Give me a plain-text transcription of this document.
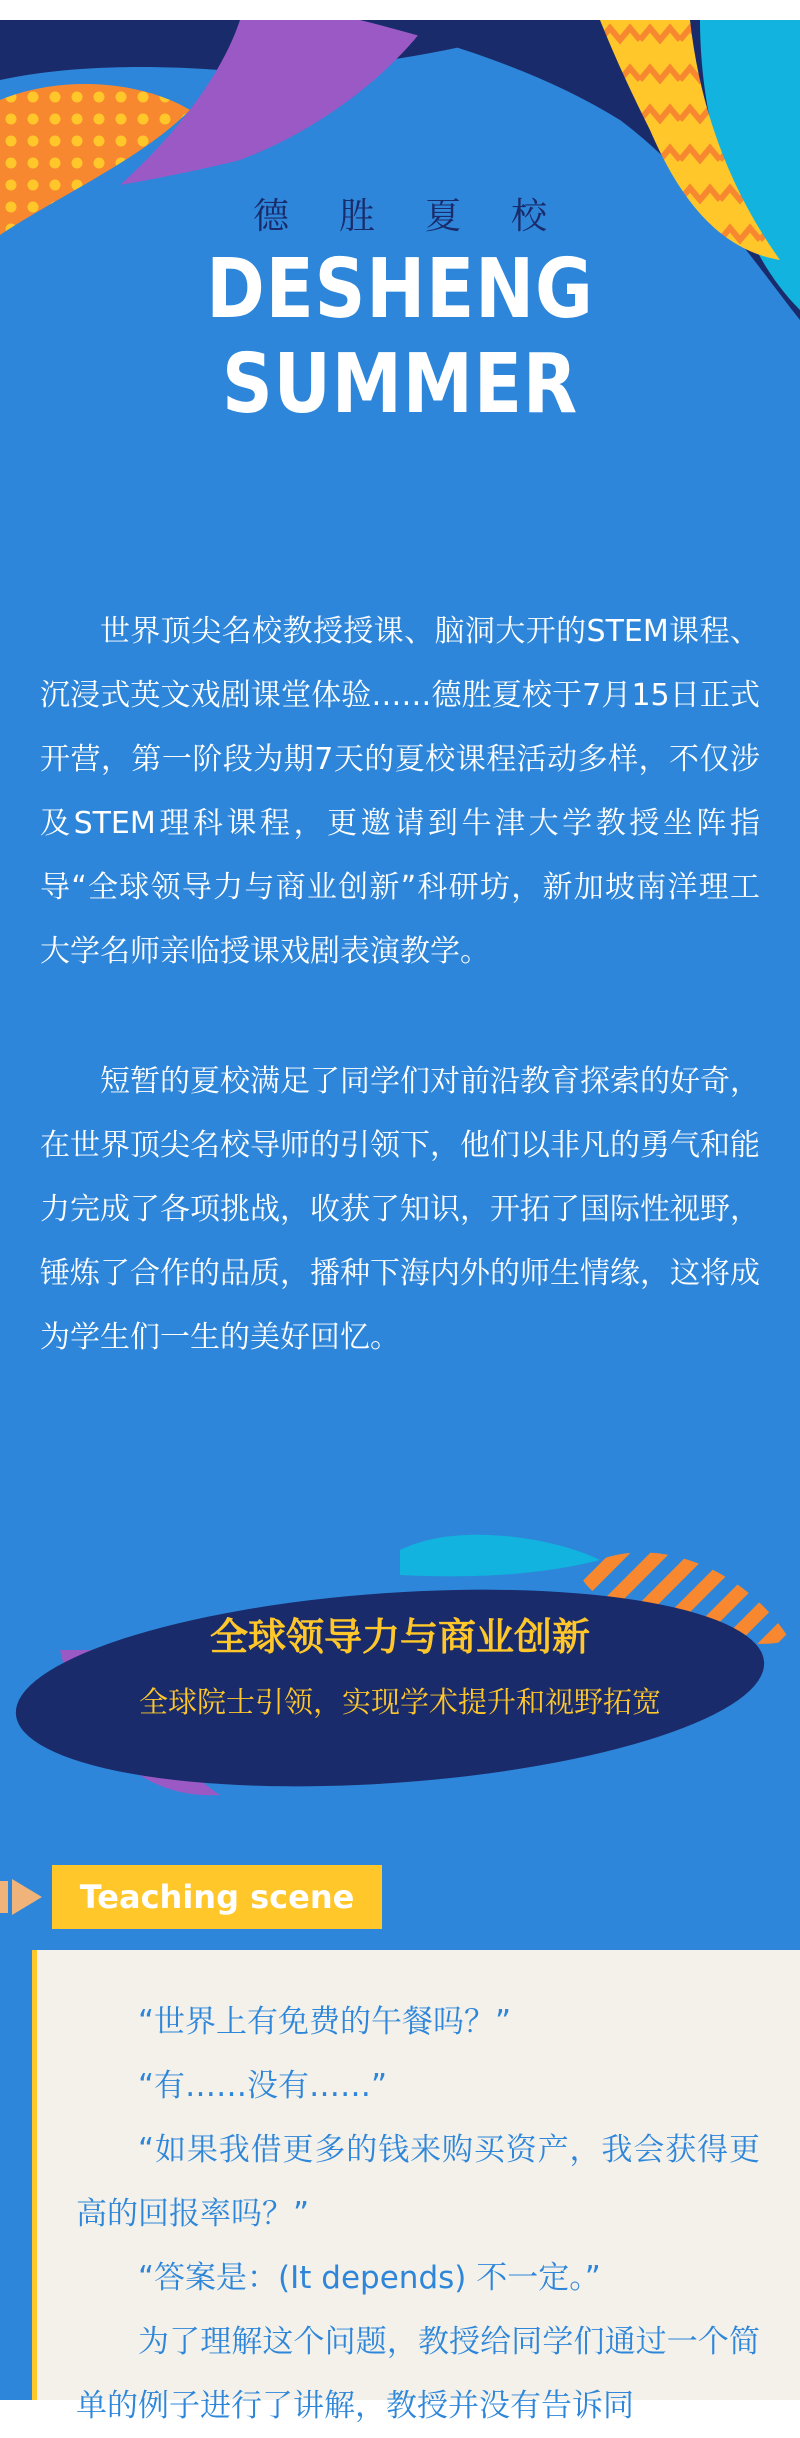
德胜夏校
DESHENG SUMMER
世界顶尖名校教授授课、脑洞大开的STEM课程、沉浸式英文戏剧课堂体验……德胜夏校于7月15日正式开营，第一阶段为期7天的夏校课程活动多样，不仅涉及STEM理科课程，更邀请到牛津大学教授坐阵指导“全球领导力与商业创新”科研坊，新加坡南洋理工大学名师亲临授课戏剧表演教学。
短暂的夏校满足了同学们对前沿教育探索的好奇，在世界顶尖名校导师的引领下，他们以非凡的勇气和能力完成了各项挑战，收获了知识，开拓了国际性视野，锤炼了合作的品质，播种下海内外的师生情缘，这将成为学生们一生的美好回忆。
全球领导力与商业创新
全球院士引领，实现学术提升和视野拓宽
Teaching scene
“世界上有免费的午餐吗？”
“有……没有……”
“如果我借更多的钱来购买资产，我会获得更高的回报率吗？”
“答案是：(It depends) 不一定。”
为了理解这个问题，教授给同学们通过一个简单的例子进行了讲解，教授并没有告诉同
